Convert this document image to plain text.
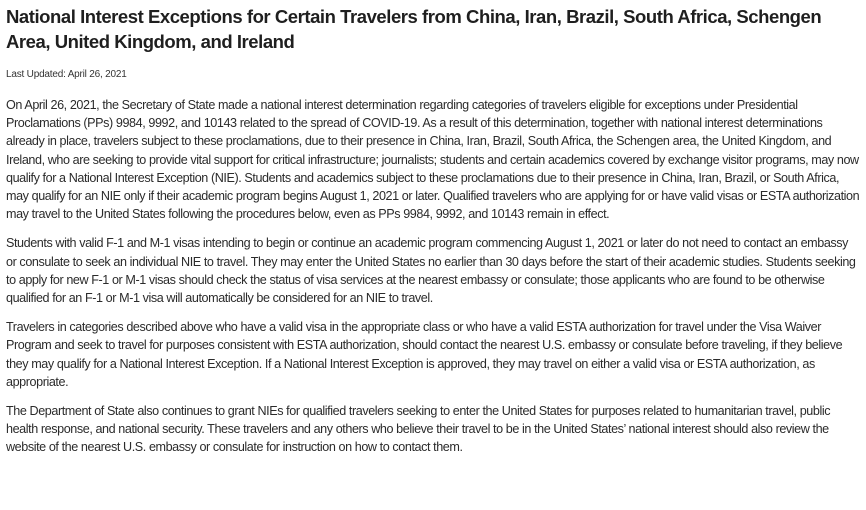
National Interest Exceptions for Certain Travelers from China, Iran, Brazil, South Africa, Schengen Area, United Kingdom, and Ireland
Last Updated: April 26, 2021

On April 26, 2021, the Secretary of State made a national interest determination regarding categories of travelers eligible for exceptions under Presidential Proclamations (PPs) 9984, 9992, and 10143 related to the spread of COVID-19. As a result of this determination, together with national interest determinations already in place, travelers subject to these proclamations, due to their presence in China, Iran, Brazil, South Africa, the Schengen area, the United Kingdom, and Ireland, who are seeking to provide vital support for critical infrastructure; journalists; students and certain academics covered by exchange visitor programs, may now qualify for a National Interest Exception (NIE). Students and academics subject to these proclamations due to their presence in China, Iran, Brazil, or South Africa, may qualify for an NIE only if their academic program begins August 1, 2021 or later. Qualified travelers who are applying for or have valid visas or ESTA authorization may travel to the United States following the procedures below, even as PPs 9984, 9992, and 10143 remain in effect.

Students with valid F-1 and M-1 visas intending to begin or continue an academic program commencing August 1, 2021 or later do not need to contact an embassy or consulate to seek an individual NIE to travel. They may enter the United States no earlier than 30 days before the start of their academic studies. Students seeking to apply for new F-1 or M-1 visas should check the status of visa services at the nearest embassy or consulate; those applicants who are found to be otherwise qualified for an F-1 or M-1 visa will automatically be considered for an NIE to travel.

Travelers in categories described above who have a valid visa in the appropriate class or who have a valid ESTA authorization for travel under the Visa Waiver Program and seek to travel for purposes consistent with ESTA authorization, should contact the nearest U.S. embassy or consulate before traveling, if they believe they may qualify for a National Interest Exception. If a National Interest Exception is approved, they may travel on either a valid visa or ESTA authorization, as appropriate.

The Department of State also continues to grant NIEs for qualified travelers seeking to enter the United States for purposes related to humanitarian travel, public health response, and national security. These travelers and any others who believe their travel to be in the United States’ national interest should also review the website of the nearest U.S. embassy or consulate for instruction on how to contact them.
